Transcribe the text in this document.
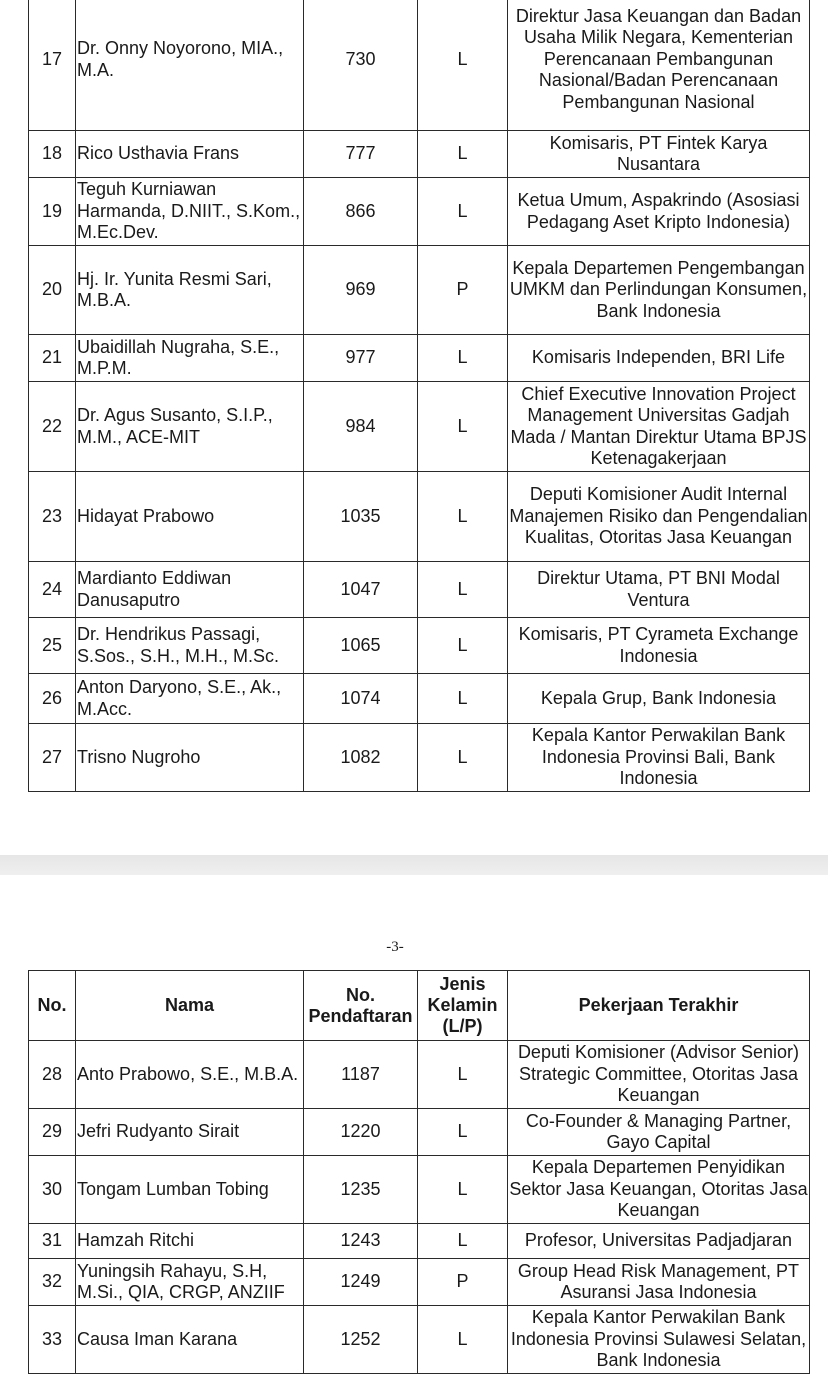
17	Dr. Onny Noyorono, MIA., M.A.	730	L	Direktur Jasa Keuangan dan Badan Usaha Milik Negara, Kementerian Perencanaan Pembangunan Nasional/Badan Perencanaan Pembangunan Nasional
18	Rico Usthavia Frans	777	L	Komisaris, PT Fintek Karya Nusantara
19	Teguh Kurniawan Harmanda, D.NIIT., S.Kom., M.Ec.Dev.	866	L	Ketua Umum, Aspakrindo (Asosiasi Pedagang Aset Kripto Indonesia)
20	Hj. Ir. Yunita Resmi Sari, M.B.A.	969	P	Kepala Departemen Pengembangan UMKM dan Perlindungan Konsumen, Bank Indonesia
21	Ubaidillah Nugraha, S.E., M.P.M.	977	L	Komisaris Independen, BRI Life
22	Dr. Agus Susanto, S.I.P., M.M., ACE-MIT	984	L	Chief Executive Innovation Project Management Universitas Gadjah Mada / Mantan Direktur Utama BPJS Ketenagakerjaan
23	Hidayat Prabowo	1035	L	Deputi Komisioner Audit Internal Manajemen Risiko dan Pengendalian Kualitas, Otoritas Jasa Keuangan
24	Mardianto Eddiwan Danusaputro	1047	L	Direktur Utama, PT BNI Modal Ventura
25	Dr. Hendrikus Passagi, S.Sos., S.H., M.H., M.Sc.	1065	L	Komisaris, PT Cyrameta Exchange Indonesia
26	Anton Daryono, S.E., Ak., M.Acc.	1074	L	Kepala Grup, Bank Indonesia
27	Trisno Nugroho	1082	L	Kepala Kantor Perwakilan Bank Indonesia Provinsi Bali, Bank Indonesia
-3-
No.	Nama	No. Pendaftaran	Jenis Kelamin (L/P)	Pekerjaan Terakhir
28	Anto Prabowo, S.E., M.B.A.	1187	L	Deputi Komisioner (Advisor Senior) Strategic Committee, Otoritas Jasa Keuangan
29	Jefri Rudyanto Sirait	1220	L	Co-Founder & Managing Partner, Gayo Capital
30	Tongam Lumban Tobing	1235	L	Kepala Departemen Penyidikan Sektor Jasa Keuangan, Otoritas Jasa Keuangan
31	Hamzah Ritchi	1243	L	Profesor, Universitas Padjadjaran
32	Yuningsih Rahayu, S.H, M.Si., QIA, CRGP, ANZIIF	1249	P	Group Head Risk Management, PT Asuransi Jasa Indonesia
33	Causa Iman Karana	1252	L	Kepala Kantor Perwakilan Bank Indonesia Provinsi Sulawesi Selatan, Bank Indonesia
